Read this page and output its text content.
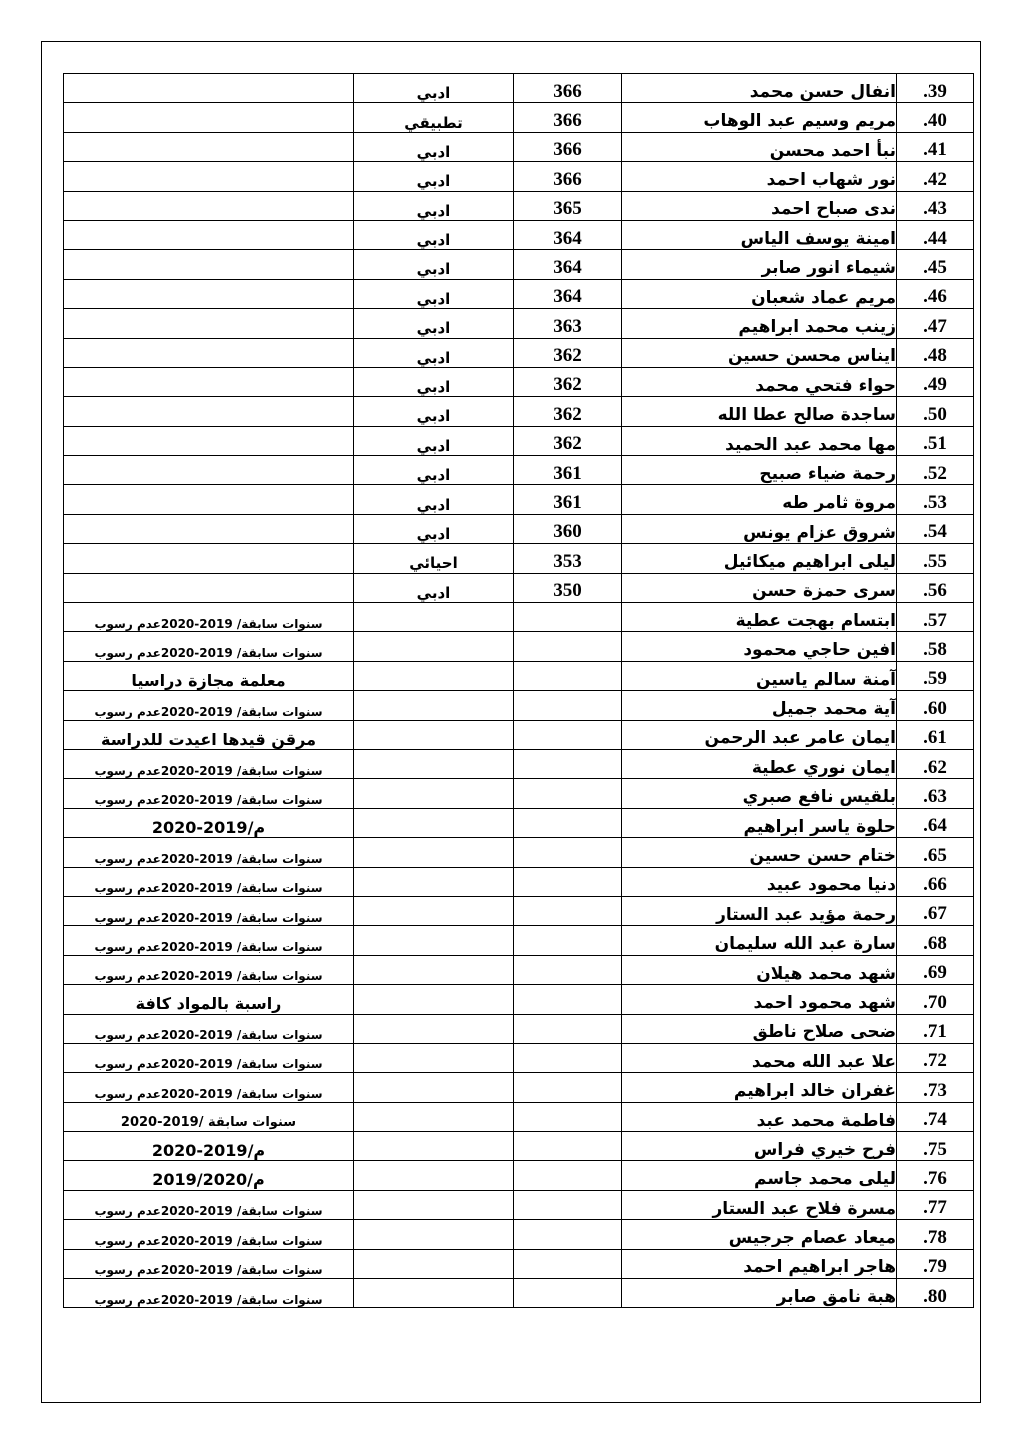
	ادبي	366	انفال حسن محمد	.39
	تطبيقي	366	مريم وسيم عبد الوهاب	.40
	ادبي	366	نبأ احمد محسن	.41
	ادبي	366	نور شهاب احمد	.42
	ادبي	365	ندى صباح احمد	.43
	ادبي	364	امينة يوسف الياس	.44
	ادبي	364	شيماء انور صابر	.45
	ادبي	364	مريم عماد شعبان	.46
	ادبي	363	زينب محمد ابراهيم	.47
	ادبي	362	ايناس محسن حسين	.48
	ادبي	362	حواء فتحي محمد	.49
	ادبي	362	ساجدة صالح عطا الله	.50
	ادبي	362	مها محمد عبد الحميد	.51
	ادبي	361	رحمة ضياء صبيح	.52
	ادبي	361	مروة ثامر طه	.53
	ادبي	360	شروق عزام يونس	.54
	احيائي	353	ليلى ابراهيم ميكائيل	.55
	ادبي	350	سرى حمزة حسن	.56
سنوات سابقة/ 2019-2020عدم رسوب			ابتسام بهجت عطية	.57
سنوات سابقة/ 2019-2020عدم رسوب			افين حاجي محمود	.58
معلمة مجازة دراسيا			آمنة سالم ياسين	.59
سنوات سابقة/ 2019-2020عدم رسوب			آية محمد جميل	.60
مرقن قيدها اعيدت للدراسة			ايمان عامر عبد الرحمن	.61
سنوات سابقة/ 2019-2020عدم رسوب			ايمان نوري عطية	.62
سنوات سابقة/ 2019-2020عدم رسوب			بلقيس نافع صبري	.63
م/2019-2020			حلوة ياسر ابراهيم	.64
سنوات سابقة/ 2019-2020عدم رسوب			ختام حسن حسين	.65
سنوات سابقة/ 2019-2020عدم رسوب			دنيا محمود عبيد	.66
سنوات سابقة/ 2019-2020عدم رسوب			رحمة مؤيد عبد الستار	.67
سنوات سابقة/ 2019-2020عدم رسوب			سارة عبد الله سليمان	.68
سنوات سابقة/ 2019-2020عدم رسوب			شهد محمد هيلان	.69
راسبة بالمواد كافة			شهد محمود احمد	.70
سنوات سابقة/ 2019-2020عدم رسوب			ضحى صلاح ناطق	.71
سنوات سابقة/ 2019-2020عدم رسوب			علا عبد الله محمد	.72
سنوات سابقة/ 2019-2020عدم رسوب			غفران خالد ابراهيم	.73
سنوات سابقة /2019-2020			فاطمة محمد عبد	.74
م/2019-2020			فرح خيري فراس	.75
م/2019/2020			ليلى محمد جاسم	.76
سنوات سابقة/ 2019-2020عدم رسوب			مسرة فلاح عبد الستار	.77
سنوات سابقة/ 2019-2020عدم رسوب			ميعاد عصام جرجيس	.78
سنوات سابقة/ 2019-2020عدم رسوب			هاجر ابراهيم احمد	.79
سنوات سابقة/ 2019-2020عدم رسوب			هبة نامق صابر	.80
